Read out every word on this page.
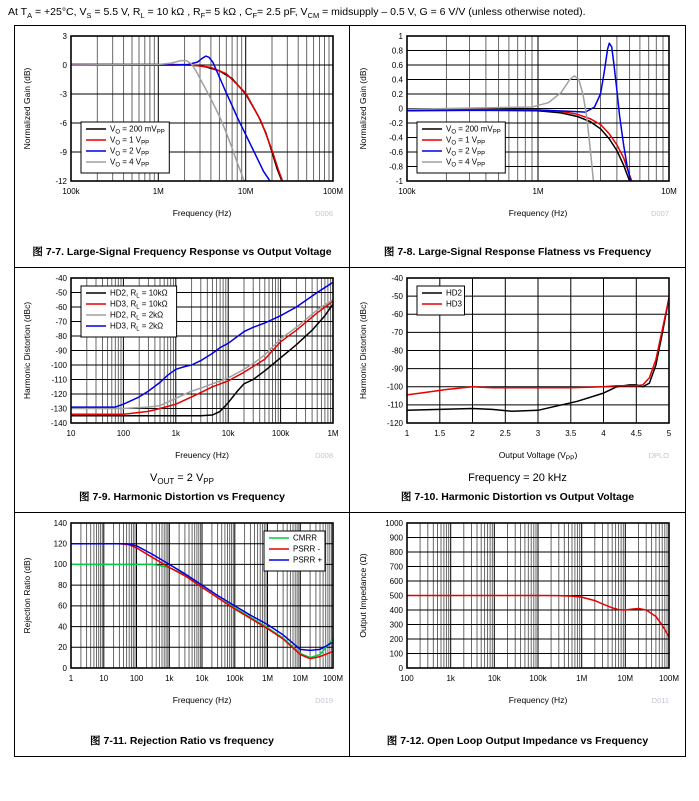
At $T_A = +25^\circ C$, $V_S = 5.5$ V, $R_L = 10$ kΩ , $R_F= 5$ kΩ , $C_F= 2.5$ pF, $V_{CM}$ = midsupply – 0.5 V, G = 6 V/V (unless otherwise noted).
100k	1M	10M	100M
3
0
-3
-6
-9
-12
Frequency (Hz)
Normalized Gain (dB)
D006
$V_O = 200$ $mV_{PP}$
$V_O = 1$ $V_{PP}$
$V_O = 2$ $V_{PP}$
$V_O = 4$ $V_{PP}$
图 7-7. Large-Signal Frequency Response vs Output Voltage
100k	1M	10M
1
0.8
0.6
0.4
0.2
0
-0.2
-0.4
-0.6
-0.8
-1
Frequency (Hz)
Normalized Gain (dB)
D007
$V_O = 200$ $mV_{PP}$
$V_O = 1$ $V_{PP}$
$V_O = 2$ $V_{PP}$
$V_O = 4$ $V_{PP}$
图 7-8. Large-Signal Response Flatness vs Frequency
10	100	1k	10k	100k	1M
-40
-50
-60
-70
-80
-90
-100
-110
-120
-130
-140
Freuency (Hz)
Harmonic Distortion (dBc)
D008
HD2, $R_L = 10k\Omega$
HD3, $R_L = 10k\Omega$
HD2, $R_L = 2k\Omega$
HD3, $R_L = 2k\Omega$
$V_{OUT} = 2$ $V_{PP}$
图 7-9. Harmonic Distortion vs Frequency
1	1.5	2	2.5	3	3.5	4	4.5	5
-40
-50
-60
-70
-80
-90
-100
-110
-120
Output Voltage $(V_{PP})$
Harmonic Distortion (dBc)
DPLO
HD2
HD3
Frequency = 20 kHz
图 7-10. Harmonic Distortion vs Output Voltage
1	10	100	1k	10k 100k 1M 10M 100M
140
120
100
80
60
40
20
0
Frequency (Hz)
Rejection Ratio (dB)
D019
CMRR
PSRR -
PSRR +
图 7-11. Rejection Ratio vs frequency
100	1k	10k	100k	1M	10M	100M
1000
900
800
700
600
500
400
300
200
100
0
Frequency (Hz)
Output Impedance (Ω)
D011
图 7-12. Open Loop Output Impedance vs Frequency
